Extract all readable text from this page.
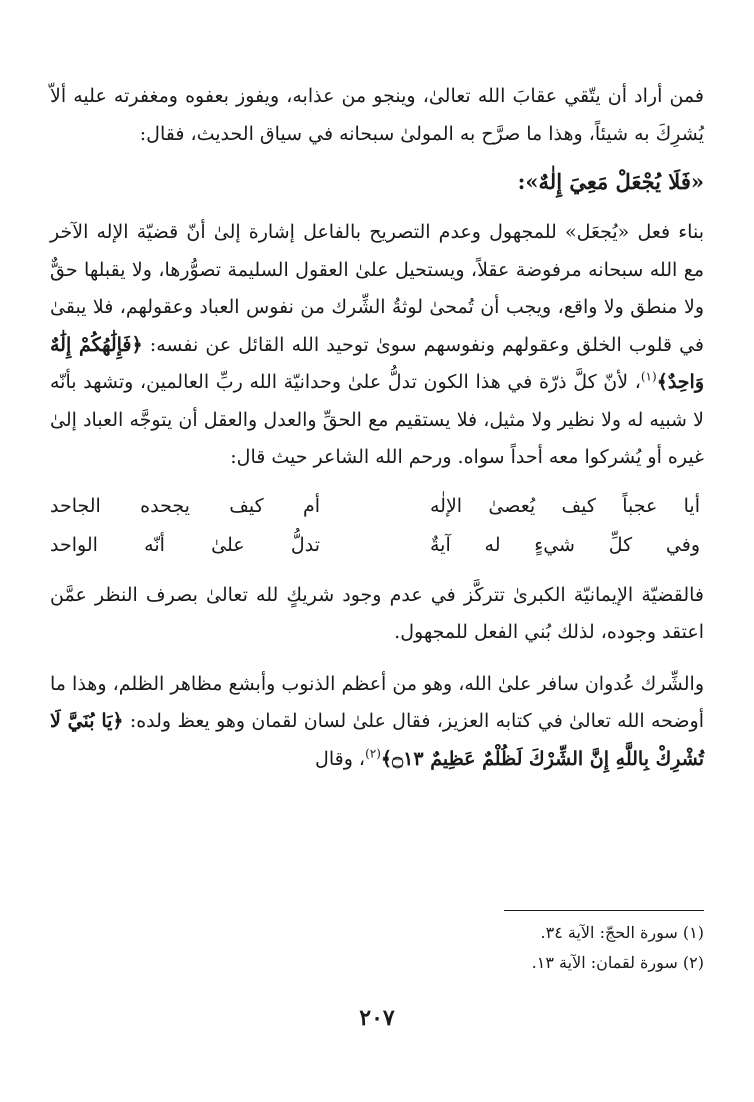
فمن أراد أن يتّقي عقابَ الله تعالىٰ، وينجو من عذابه، ويفوز بعفوه ومغفرته عليه ألاّ يُشرِكَ به شيئاً، وهذا ما صرَّح به المولىٰ سبحانه في سياق الحديث، فقال:

«فَلَا يُجْعَلْ مَعِيَ إِلٰهٌ»:

بناء فعل «يُجعَل» للمجهول وعدم التصريح بالفاعل إشارة إلىٰ أنّ قضيّة الإله الآخر مع الله سبحانه مرفوضة عقلاً، ويستحيل علىٰ العقول السليمة تصوُّرها، ولا يقبلها حقٌّ ولا منطق ولا واقع، ويجب أن تُمحىٰ لوثةُ الشِّرك من نفوس العباد وعقولهم، فلا يبقىٰ في قلوب الخلق وعقولهم ونفوسهم سوىٰ توحيد الله القائل عن نفسه: ﴿فَإِلَٰهُكُمْ إِلَٰهٌ وَاحِدٌ﴾$^{(١)}$، لأنّ كلَّ ذرّة في هذا الكون تدلُّ علىٰ وحدانيّة الله ربِّ العالمين، وتشهد بأنّه لا شبيه له ولا نظير ولا مثيل، فلا يستقيم مع الحقِّ والعدل والعقل أن يتوجَّه العباد إلىٰ غيره أو يُشركوا معه أحداً سواه. ورحم الله الشاعر حيث قال:

أيا عجباً كيف يُعصىٰ الإلٰه
أم كيف يجحده الجاحد
وفي كلِّ شيءٍ له آيةٌ
تدلُّ علىٰ أنّه الواحد

فالقضيّة الإيمانيّة الكبرىٰ تتركَّز في عدم وجود شريكٍ لله تعالىٰ بصرف النظر عمَّن اعتقد وجوده، لذلك بُني الفعل للمجهول.

والشِّرك عُدوان سافر علىٰ الله، وهو من أعظم الذنوب وأبشع مظاهر الظلم، وهذا ما أوضحه الله تعالىٰ في كتابه العزيز، فقال علىٰ لسان لقمان وهو يعظ ولده: ﴿يَا بُنَيَّ لَا تُشْرِكْ بِاللَّهِ إِنَّ الشِّرْكَ لَظُلْمٌ عَظِيمٌ ۝١٣﴾$^{(٢)}$، وقال

(١) سورة الحجّ: الآية ٣٤.

(٢) سورة لقمان: الآية ١٣.

٢٠٧
